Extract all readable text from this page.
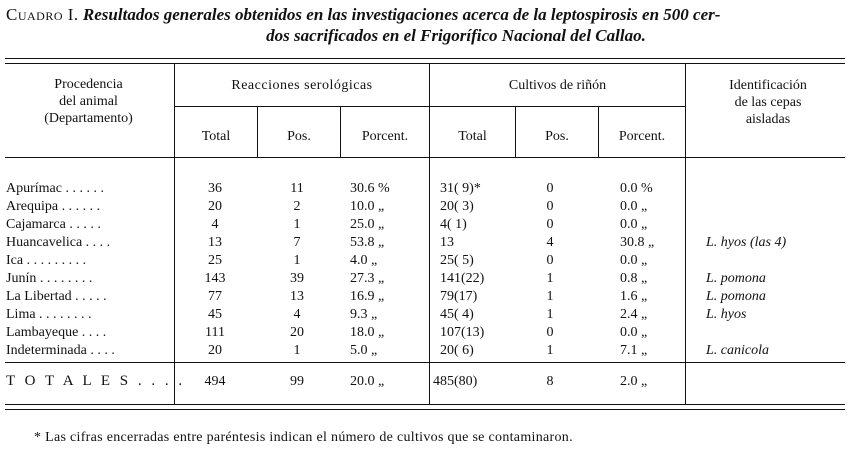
Cuadro I. Resultados generales obtenidos en las investigaciones acerca de la leptospirosis en 500 cer-
dos sacrificados en el Frigorífico Nacional del Callao.
Procedencia
del animal
(Departamento)
Reacciones serológicas	Cultivos de riñón	Identificación
de las cepas
aisladas
Total	Pos.	Porcent.	Total	Pos.	Porcent.
Apurímac . . . . . .	36	11	30.6 %	31( 9)*	0	0.0 %
Arequipa . . . . . .	20	2	10.0 „	20( 3)	0	0.0 „
Cajamarca . . . . .	4	1	25.0 „	4( 1)	0	0.0 „
Huancavelica . . . .	13	7	53.8 „	13	4	30.8 „	L. hyos (las 4)
Ica . . . . . . . . .	25	1	4.0 „	25( 5)	0	0.0 „
Junín . . . . . . . .	143	39	27.3 „	141(22)	1	0.8 „	L. pomona
La Libertad . . . . .	77	13	16.9 „	79(17)	1	1.6 „	L. pomona
Lima . . . . . . . .	45	4	9.3 „	45( 4)	1	2.4 „	L. hyos
Lambayeque . . . .	111	20	18.0 „	107(13)	0	0.0 „
Indeterminada . . . .	20	1	5.0 „	20( 6)	1	7.1 „	L. canicola
T O T A L E S . . . .	494	99	20.0 „	485(80)	8	2.0 „
* Las cifras encerradas entre paréntesis indican el número de cultivos que se contaminaron.
